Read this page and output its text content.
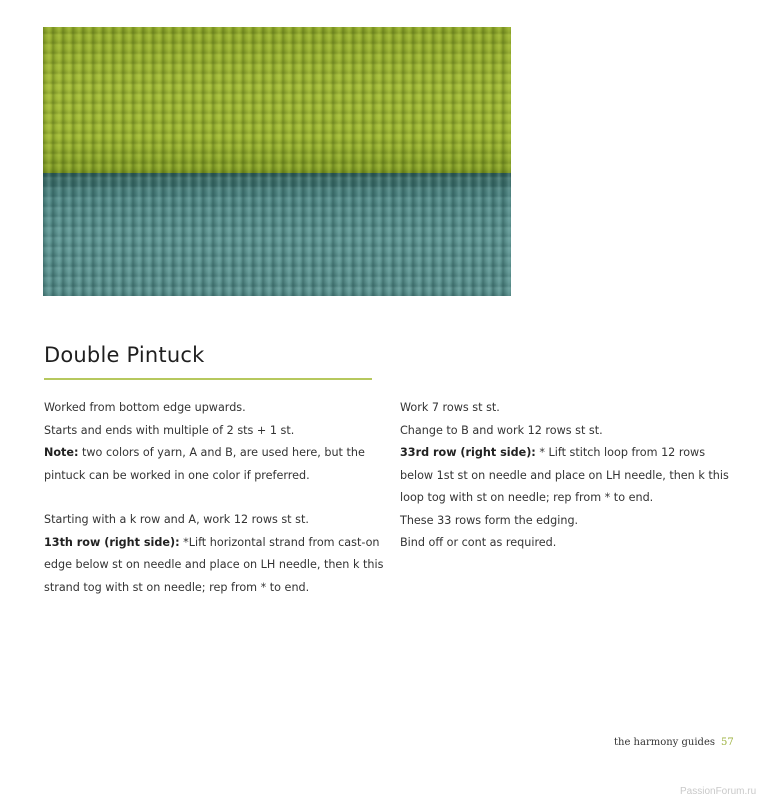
Double Pintuck

Worked from bottom edge upwards.

Starts and ends with multiple of 2 sts + 1 st.

Note: two colors of yarn, A and B, are used here, but the pintuck can be worked in one color if preferred.

Starting with a k row and A, work 12 rows st st.

13th row (right side): *Lift horizontal strand from cast-on edge below st on needle and place on LH needle, then k this strand tog with st on needle; rep from * to end.

Work 7 rows st st.

Change to B and work 12 rows st st.

33rd row (right side): * Lift stitch loop from 12 rows below 1st st on needle and place on LH needle, then k this loop tog with st on needle; rep from * to end.

These 33 rows form the edging.

Bind off or cont as required.

the harmony guides 57
PassionForum.ru
